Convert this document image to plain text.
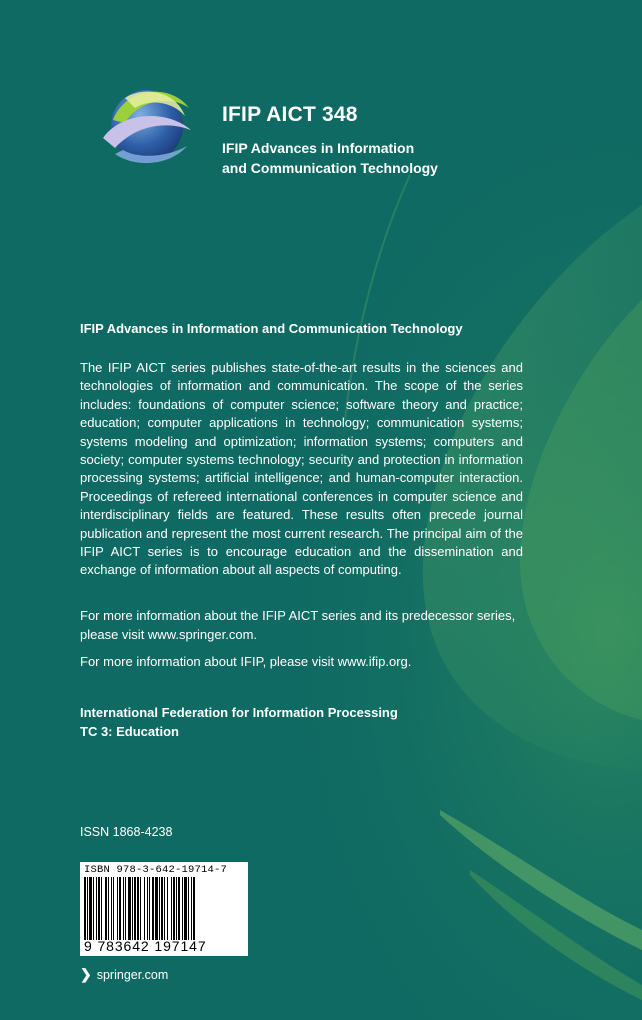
IFIP AICT 348
IFIP Advances in Information
and Communication Technology
IFIP Advances in Information and Communication Technology
The IFIP AICT series publishes state-of-the-art results in the sciences and technologies of information and communication. The scope of the series includes: foundations of computer science; software theory and practice; education; computer applications in technology; communication systems; systems modeling and optimization; information systems; computers and society; computer systems technology; security and protection in information processing systems; artificial intelligence; and human-computer interaction. Proceedings of refereed international conferences in computer science and interdisciplinary fields are featured. These results often precede journal publication and represent the most current research. The principal aim of the IFIP AICT series is to encourage education and the dissemination and exchange of information about all aspects of computing.
For more information about the IFIP AICT series and its predecessor series, please visit www.springer.com.
For more information about IFIP, please visit www.ifip.org.
International Federation for Information Processing
TC 3: Education
ISSN 1868-4238
ISBN 978-3-642-19714-7
9 783642 197147
❯ springer.com
